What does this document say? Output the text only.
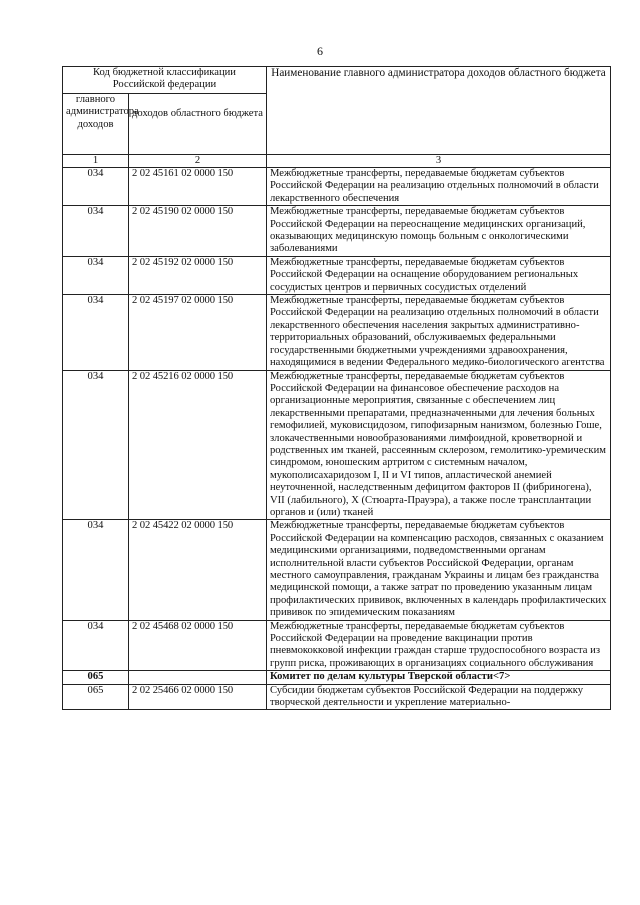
6
Код бюджетной классификации Российской федерации		Наименование главного администратора доходов областного бюджета
главного администратора доходов	доходов областного бюджета	
1	2	3
034	2 02 45161 02 0000 150	Межбюджетные трансферты, передаваемые бюджетам субъектов Российской Федерации на реализацию отдельных полномочий в области лекарственного обеспечения
034	2 02 45190 02 0000 150	Межбюджетные трансферты, передаваемые бюджетам субъектов Российской Федерации на переоснащение медицинских организаций, оказывающих медицинскую помощь больным с онкологическими заболеваниями
034	2 02 45192 02 0000 150	Межбюджетные трансферты, передаваемые бюджетам субъектов Российской Федерации на оснащение оборудованием региональных сосудистых центров и первичных сосудистых отделений
034	2 02 45197 02 0000 150	Межбюджетные трансферты, передаваемые бюджетам субъектов Российской Федерации на реализацию отдельных полномочий в области лекарственного обеспечения населения закрытых административно-территориальных образований, обслуживаемых федеральными государственными бюджетными учреждениями здравоохранения, находящимися в ведении Федерального медико-биологического агентства
034	2 02 45216 02 0000 150	Межбюджетные трансферты, передаваемые бюджетам субъектов Российской Федерации на финансовое обеспечение расходов на организационные мероприятия, связанные с обеспечением лиц лекарственными препаратами, предназначенными для лечения больных гемофилией, муковисцидозом, гипофизарным нанизмом, болезнью Гоше, злокачественными новообразованиями лимфоидной, кроветворной и родственных им тканей, рассеянным склерозом, гемолитико-уремическим синдромом, юношеским артритом с системным началом, мукополисахаридозом I, II и VI типов, апластической анемией неуточненной, наследственным дефицитом факторов II (фибриногена), VII (лабильного), X (Стюарта-Прауэра), а также после трансплантации органов и (или) тканей
034	2 02 45422 02 0000 150	Межбюджетные трансферты, передаваемые бюджетам субъектов Российской Федерации на компенсацию расходов, связанных с оказанием медицинскими организациями, подведомственными органам исполнительной власти субъектов Российской Федерации, органам местного самоуправления, гражданам Украины и лицам без гражданства медицинской помощи, а также затрат по проведению указанным лицам профилактических прививок, включенных в календарь профилактических прививок по эпидемическим показаниям
034	2 02 45468 02 0000 150	Межбюджетные трансферты, передаваемые бюджетам субъектов Российской Федерации на проведение вакцинации против пневмококковой инфекции граждан старше трудоспособного возраста из групп риска, проживающих в организациях социального обслуживания
065		Комитет по делам культуры Тверской области<7>
065	2 02 25466 02 0000 150	Субсидии бюджетам субъектов Российской Федерации на поддержку творческой деятельности и укрепление материально-
